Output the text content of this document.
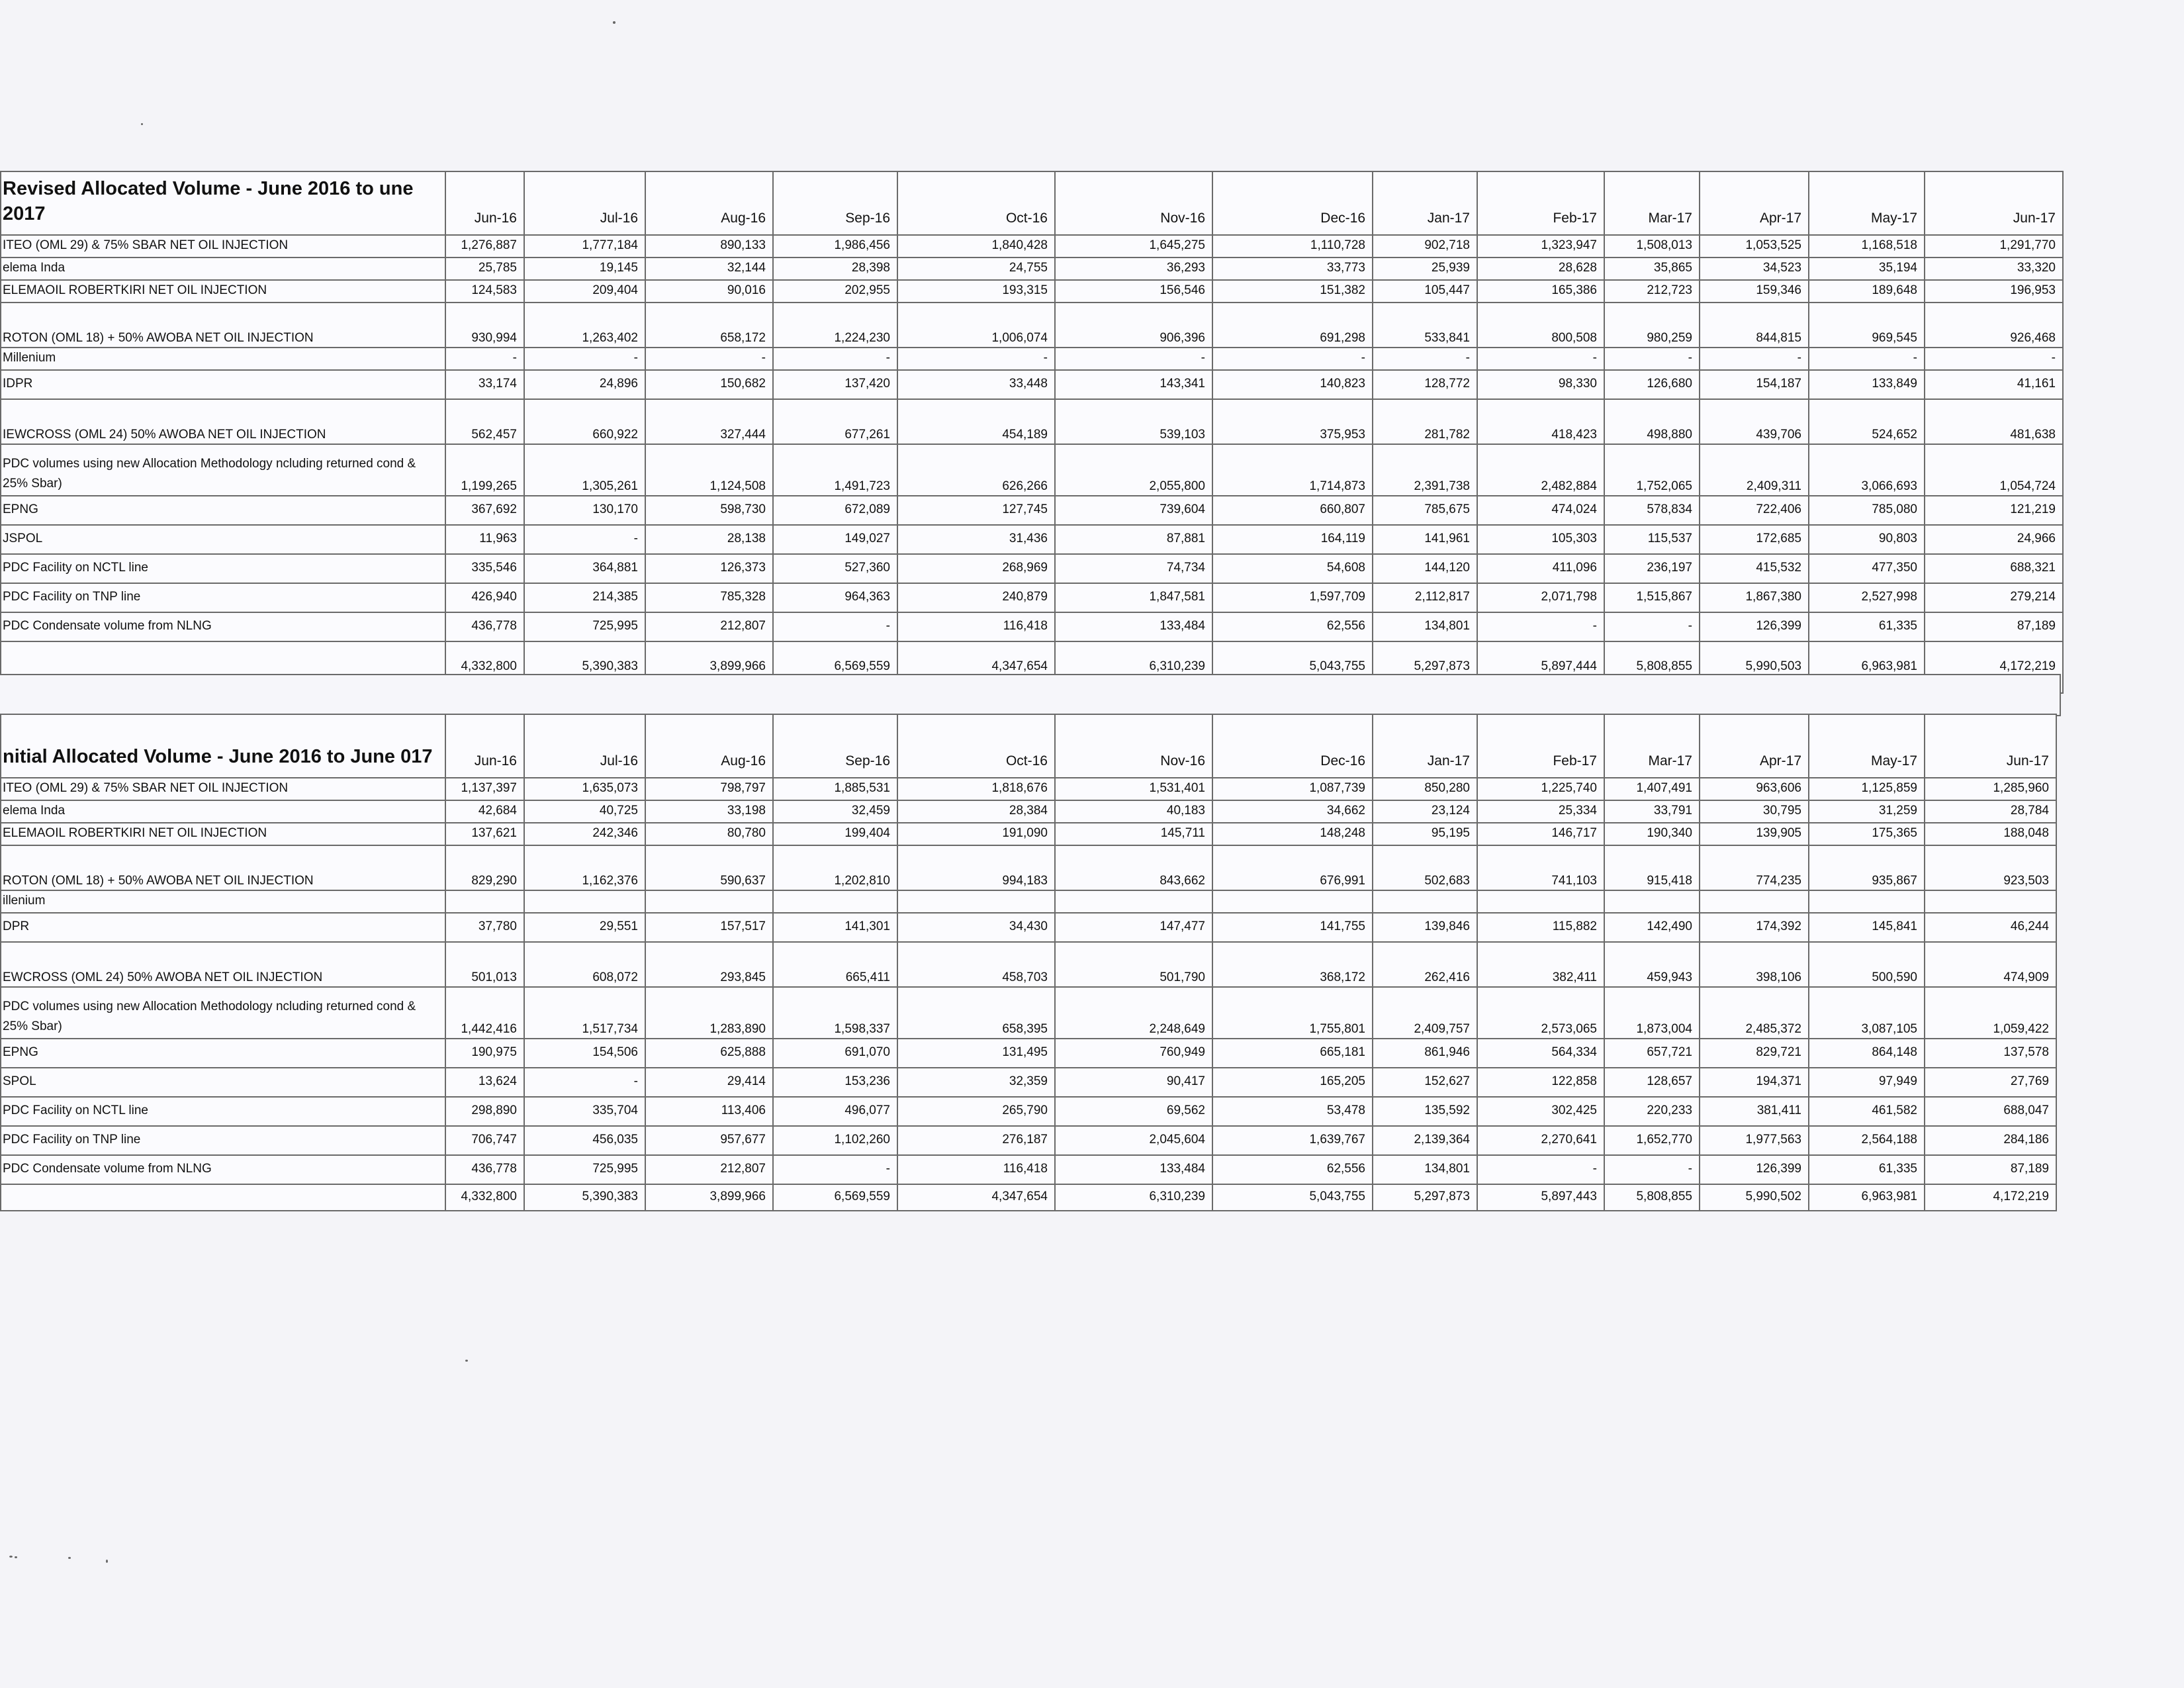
Revised Allocated Volume - June 2016 to une 2017	Jun-16	Jul-16	Aug-16	Sep-16	Oct-16	Nov-16	Dec-16	Jan-17	Feb-17	Mar-17	Apr-17	May-17	Jun-17
ITEO (OML 29) & 75% SBAR NET OIL INJECTION	1,276,887	1,777,184	890,133	1,986,456	1,840,428	1,645,275	1,110,728	902,718	1,323,947	1,508,013	1,053,525	1,168,518	1,291,770
elema Inda	25,785	19,145	32,144	28,398	24,755	36,293	33,773	25,939	28,628	35,865	34,523	35,194	33,320
ELEMAOIL ROBERTKIRI NET OIL INJECTION	124,583	209,404	90,016	202,955	193,315	156,546	151,382	105,447	165,386	212,723	159,346	189,648	196,953
ROTON (OML 18) + 50% AWOBA NET OIL INJECTION	930,994	1,263,402	658,172	1,224,230	1,006,074	906,396	691,298	533,841	800,508	980,259	844,815	969,545	926,468
Millenium	-	-	-	-	-	-	-	-	-	-	-	-	-
IDPR	33,174	24,896	150,682	137,420	33,448	143,341	140,823	128,772	98,330	126,680	154,187	133,849	41,161
IEWCROSS (OML 24) 50% AWOBA NET OIL INJECTION	562,457	660,922	327,444	677,261	454,189	539,103	375,953	281,782	418,423	498,880	439,706	524,652	481,638
PDC volumes using new Allocation Methodology ncluding returned cond & 25% Sbar)	1,199,265	1,305,261	1,124,508	1,491,723	626,266	2,055,800	1,714,873	2,391,738	2,482,884	1,752,065	2,409,311	3,066,693	1,054,724
EPNG	367,692	130,170	598,730	672,089	127,745	739,604	660,807	785,675	474,024	578,834	722,406	785,080	121,219
JSPOL	11,963	-	28,138	149,027	31,436	87,881	164,119	141,961	105,303	115,537	172,685	90,803	24,966
PDC Facility on NCTL line	335,546	364,881	126,373	527,360	268,969	74,734	54,608	144,120	411,096	236,197	415,532	477,350	688,321
PDC Facility on TNP line	426,940	214,385	785,328	964,363	240,879	1,847,581	1,597,709	2,112,817	2,071,798	1,515,867	1,867,380	2,527,998	279,214
PDC Condensate volume from NLNG	436,778	725,995	212,807	-	116,418	133,484	62,556	134,801	-	-	126,399	61,335	87,189
	4,332,800	5,390,383	3,899,966	6,569,559	4,347,654	6,310,239	5,043,755	5,297,873	5,897,444	5,808,855	5,990,503	6,963,981	4,172,219
nitial Allocated Volume - June 2016 to June 017	Jun-16	Jul-16	Aug-16	Sep-16	Oct-16	Nov-16	Dec-16	Jan-17	Feb-17	Mar-17	Apr-17	May-17	Jun-17
ITEO (OML 29) & 75% SBAR NET OIL INJECTION	1,137,397	1,635,073	798,797	1,885,531	1,818,676	1,531,401	1,087,739	850,280	1,225,740	1,407,491	963,606	1,125,859	1,285,960
elema Inda	42,684	40,725	33,198	32,459	28,384	40,183	34,662	23,124	25,334	33,791	30,795	31,259	28,784
ELEMAOIL ROBERTKIRI NET OIL INJECTION	137,621	242,346	80,780	199,404	191,090	145,711	148,248	95,195	146,717	190,340	139,905	175,365	188,048
ROTON (OML 18) + 50% AWOBA NET OIL INJECTION	829,290	1,162,376	590,637	1,202,810	994,183	843,662	676,991	502,683	741,103	915,418	774,235	935,867	923,503
illenium													
DPR	37,780	29,551	157,517	141,301	34,430	147,477	141,755	139,846	115,882	142,490	174,392	145,841	46,244
EWCROSS (OML 24) 50% AWOBA NET OIL INJECTION	501,013	608,072	293,845	665,411	458,703	501,790	368,172	262,416	382,411	459,943	398,106	500,590	474,909
PDC volumes using new Allocation Methodology ncluding returned cond & 25% Sbar)	1,442,416	1,517,734	1,283,890	1,598,337	658,395	2,248,649	1,755,801	2,409,757	2,573,065	1,873,004	2,485,372	3,087,105	1,059,422
EPNG	190,975	154,506	625,888	691,070	131,495	760,949	665,181	861,946	564,334	657,721	829,721	864,148	137,578
SPOL	13,624	-	29,414	153,236	32,359	90,417	165,205	152,627	122,858	128,657	194,371	97,949	27,769
PDC Facility on NCTL line	298,890	335,704	113,406	496,077	265,790	69,562	53,478	135,592	302,425	220,233	381,411	461,582	688,047
PDC Facility on TNP line	706,747	456,035	957,677	1,102,260	276,187	2,045,604	1,639,767	2,139,364	2,270,641	1,652,770	1,977,563	2,564,188	284,186
PDC Condensate volume from NLNG	436,778	725,995	212,807	-	116,418	133,484	62,556	134,801	-	-	126,399	61,335	87,189
	4,332,800	5,390,383	3,899,966	6,569,559	4,347,654	6,310,239	5,043,755	5,297,873	5,897,443	5,808,855	5,990,502	6,963,981	4,172,219
